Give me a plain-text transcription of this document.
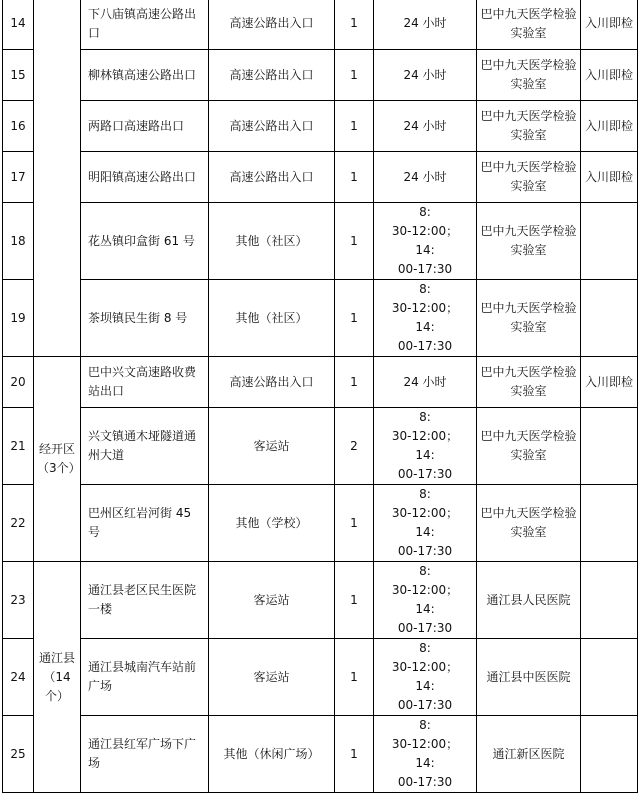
14		下八庙镇高速公路出口	高速公路出入口	1	24 小时	巴中九天医学检验实验室	入川即检
15		柳林镇高速公路出口	高速公路出入口	1	24 小时	巴中九天医学检验实验室	入川即检
16		两路口高速路出口	高速公路出入口	1	24 小时	巴中九天医学检验实验室	入川即检
17		明阳镇高速公路出口	高速公路出入口	1	24 小时	巴中九天医学检验实验室	入川即检
18		花丛镇印盒街 61 号	其他（社区）	1	8:
30-12:00；
14:
00-17:30	巴中九天医学检验实验室	
19		茶坝镇民生街 8 号	其他（社区）	1	8:
30-12:00；
14:
00-17:30	巴中九天医学检验实验室	
20	经开区（3个）	巴中兴文高速路收费站出口	高速公路出入口	1	24 小时	巴中九天医学检验实验室	入川即检
21		兴文镇通木垭隧道通州大道	客运站	2	8:
30-12:00；
14:
00-17:30	巴中九天医学检验实验室	
22		巴州区红岩河街 45 号	其他（学校）	1	8:
30-12:00；
14:
00-17:30	巴中九天医学检验实验室	
23	通江县（14个）	通江县老区民生医院一楼	客运站	1	8:
30-12:00；
14:
00-17:30	通江县人民医院	
24		通江县城南汽车站前广场	客运站	1	8:
30-12:00；
14:
00-17:30	通江县中医医院	
25		通江县红军广场下广场	其他（休闲广场）	1	8:
30-12:00；
14:
00-17:30	通江新区医院	
